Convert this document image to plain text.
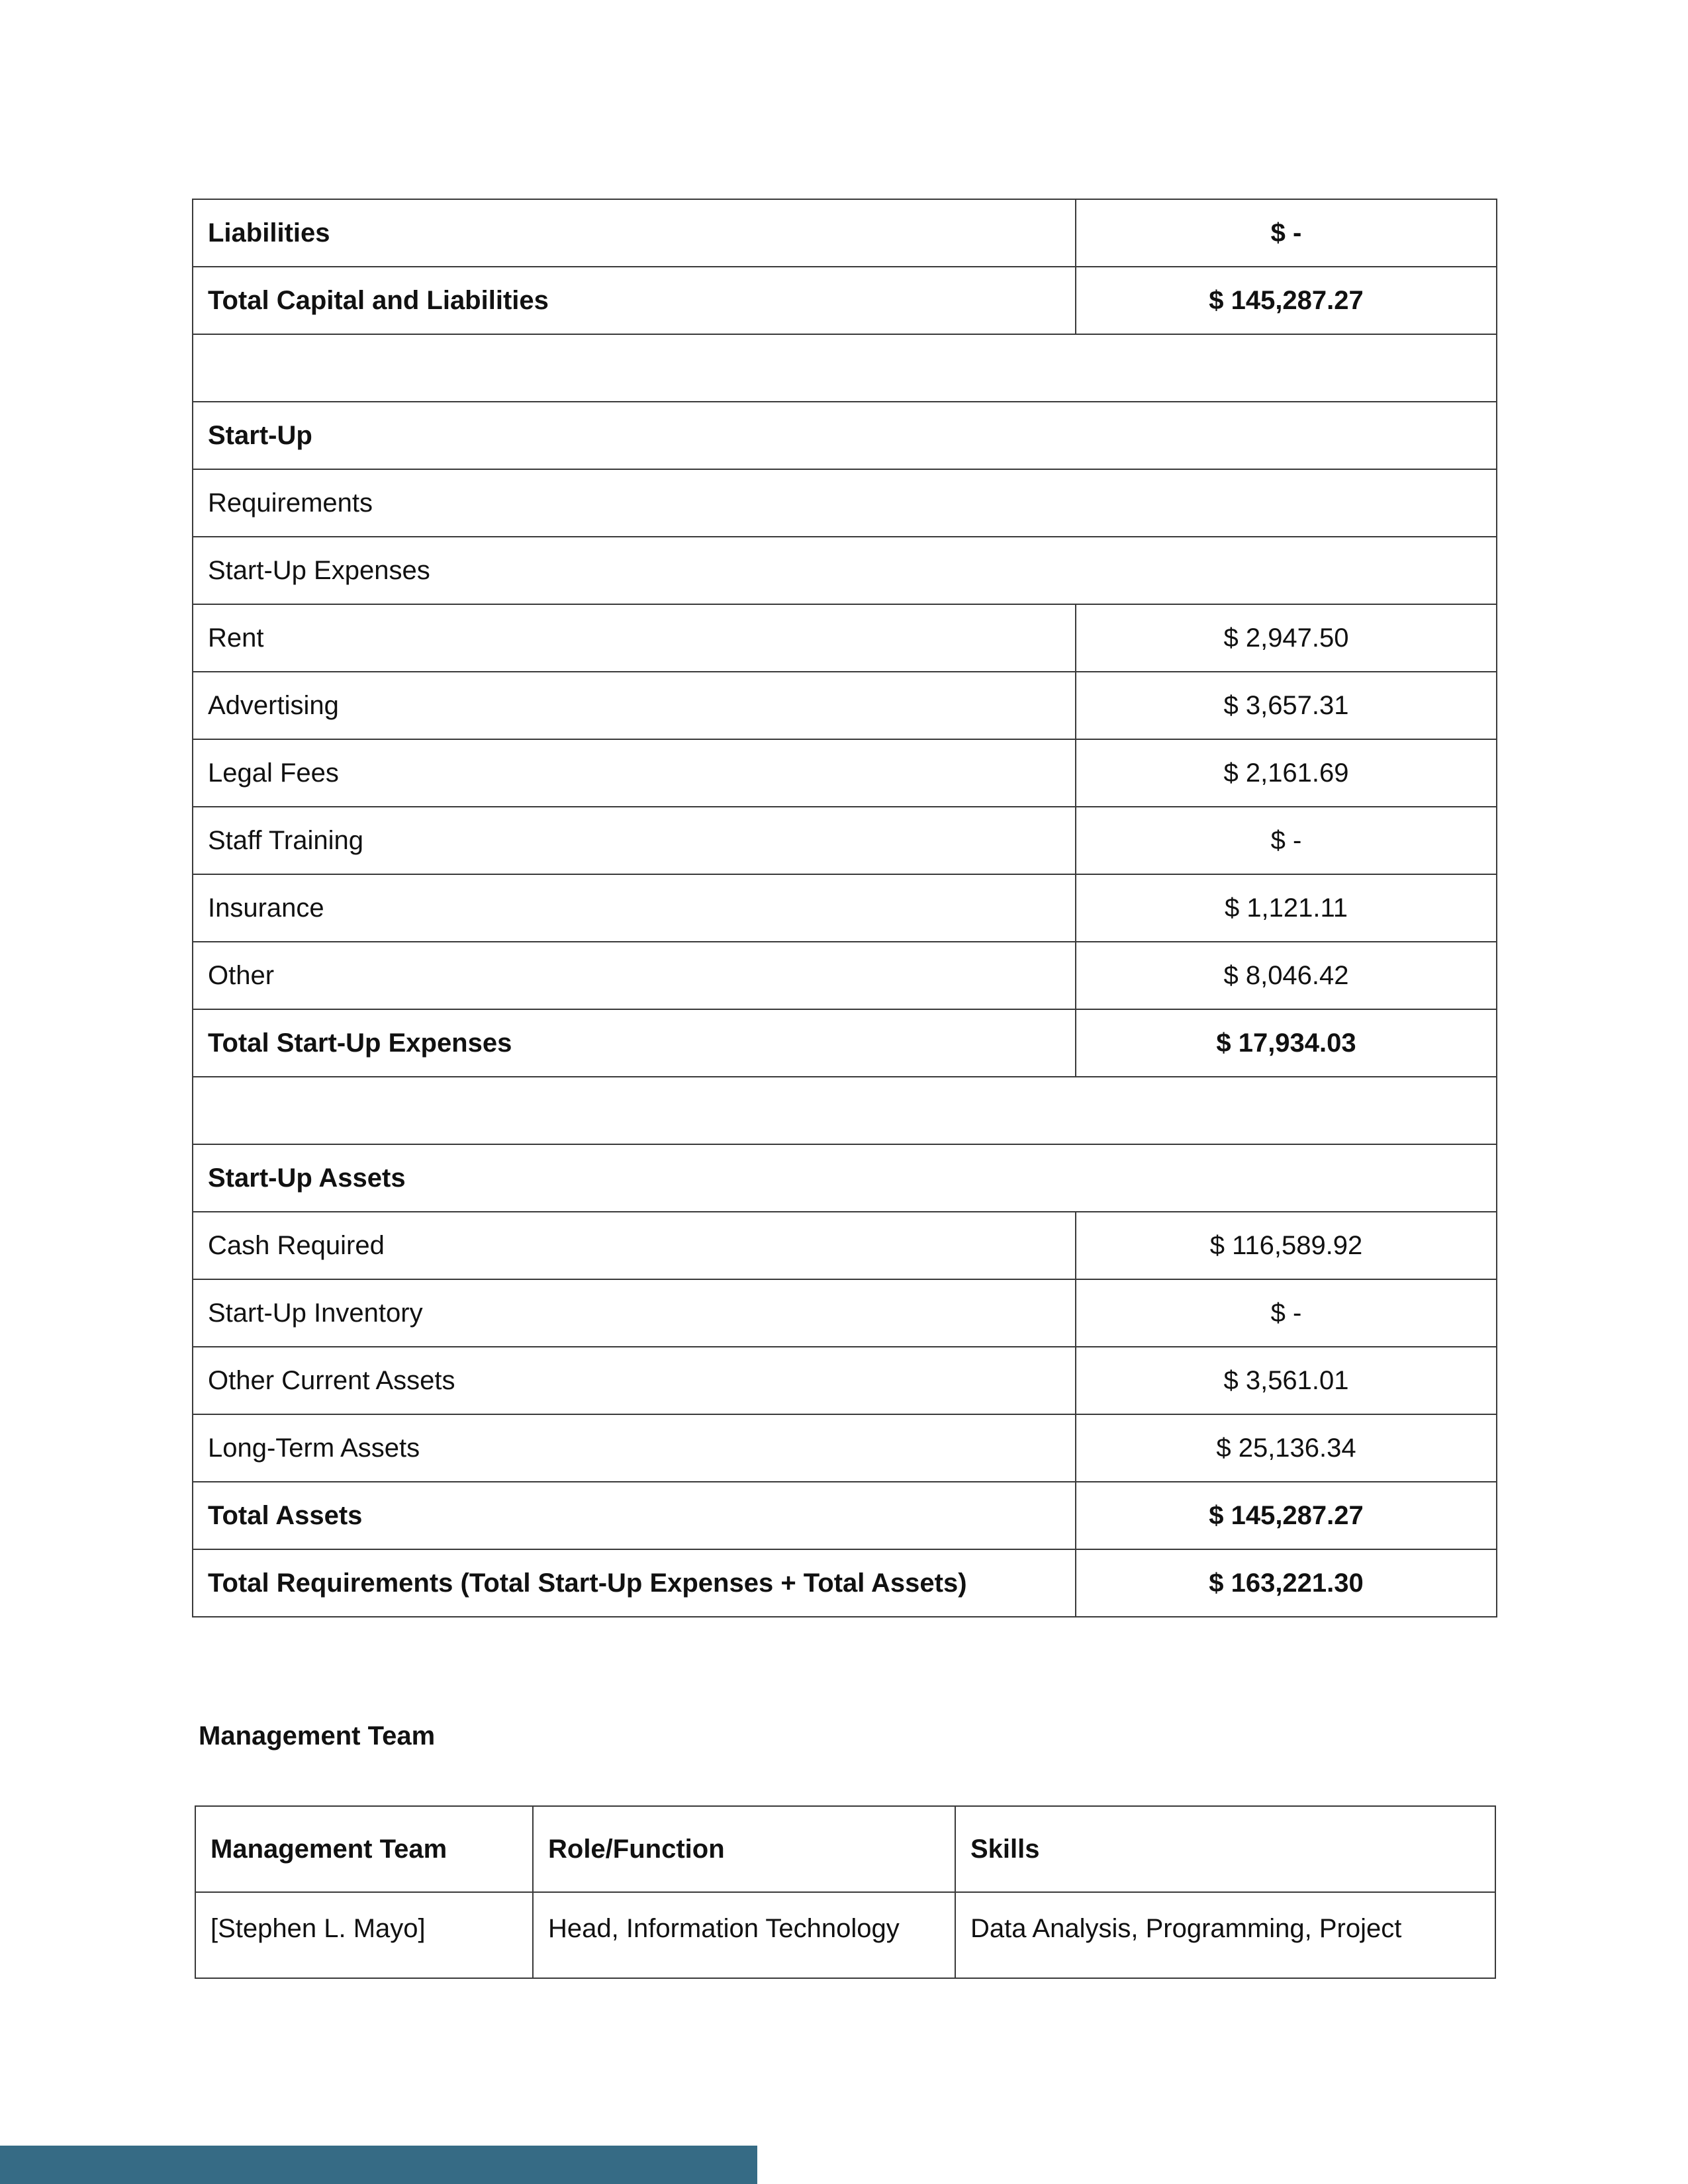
Liabilities	$ -
Total Capital and Liabilities	$ 145,287.27

Start-Up	
Requirements	
Start-Up Expenses	
Rent	$ 2,947.50
Advertising	$ 3,657.31
Legal Fees	$ 2,161.69
Staff Training	$ -
Insurance	$ 1,121.11
Other	$ 8,046.42
Total Start-Up Expenses	$ 17,934.03

Start-Up Assets	
Cash Required	$ 116,589.92
Start-Up Inventory	$ -
Other Current Assets	$ 3,561.01
Long-Term Assets	$ 25,136.34
Total Assets	$ 145,287.27
Total Requirements (Total Start-Up Expenses + Total Assets)	$ 163,221.30
Management Team
Management Team	Role/Function	Skills
[Stephen L. Mayo]	Head, Information Technology	Data Analysis, Programming, Project
